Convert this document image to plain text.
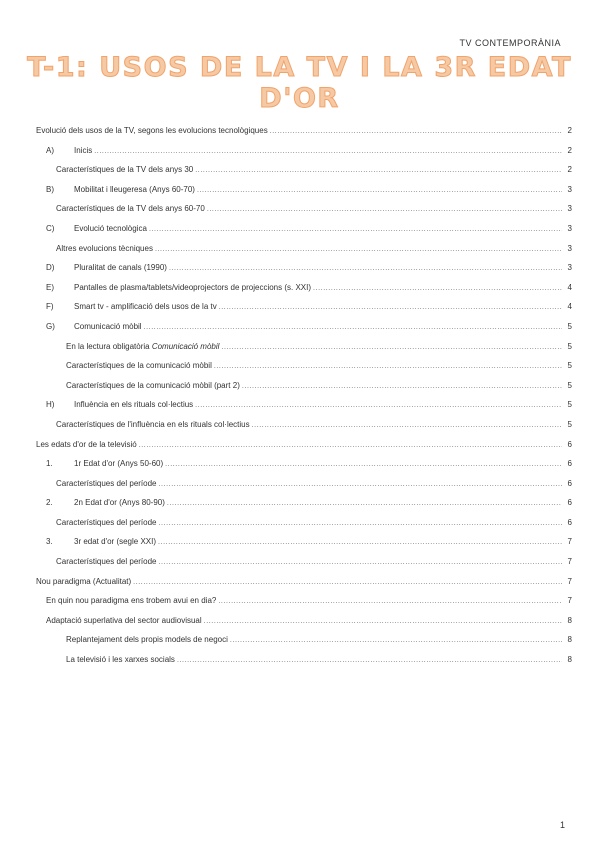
TV CONTEMPORÀNIA
T-1: USOS DE LA TV I LA 3R EDAT D'OR
Evolució dels usos de la TV, segons les evolucions tecnològiques .....	2
A)	Inicis .....	2
Característiques de la TV dels anys 30 .....	2
B)	Mobilitat i lleugeresa (Anys 60-70) .....	3
Característiques de la TV dels anys 60-70 .....	3
C) Evolució tecnològica .....	3
Altres evolucions tècniques .....	3
D) Pluralitat de canals (1990) .....	3
E)	Pantalles de plasma/tablets/videoprojectors de projeccions (s. XXI) .....	4
F)	Smart tv - amplificació dels usos de la tv .....	4
G) Comunicació mòbil .....	5
En la lectura obligatòria Comunicació mòbil .....	5
Característiques de la comunicació mòbil .....	5
Característiques de la comunicació mòbil (part 2) .....	5
H) Influència en els rituals col·lectius .....	5
Característiques de l'influència en els rituals col·lectius .....	5
Les edats d'or de la televisió .....	6
1.	1r Edat d'or (Anys 50-60) .....	6
Característiques del període .....	6
2.	2n Edat d'or (Anys 80-90) .....	6
Característiques del període .....	6
3.	3r edat d'or (segle XXI) .....	7
Característiques del període .....	7
Nou paradigma (Actualitat) .....	7
En quin nou paradigma ens trobem avui en dia? .....	7
Adaptació superlativa del sector audiovisual .....	8
Replantejament dels propis models de negoci .....	8
La televisió i les xarxes socials .....	8
1
